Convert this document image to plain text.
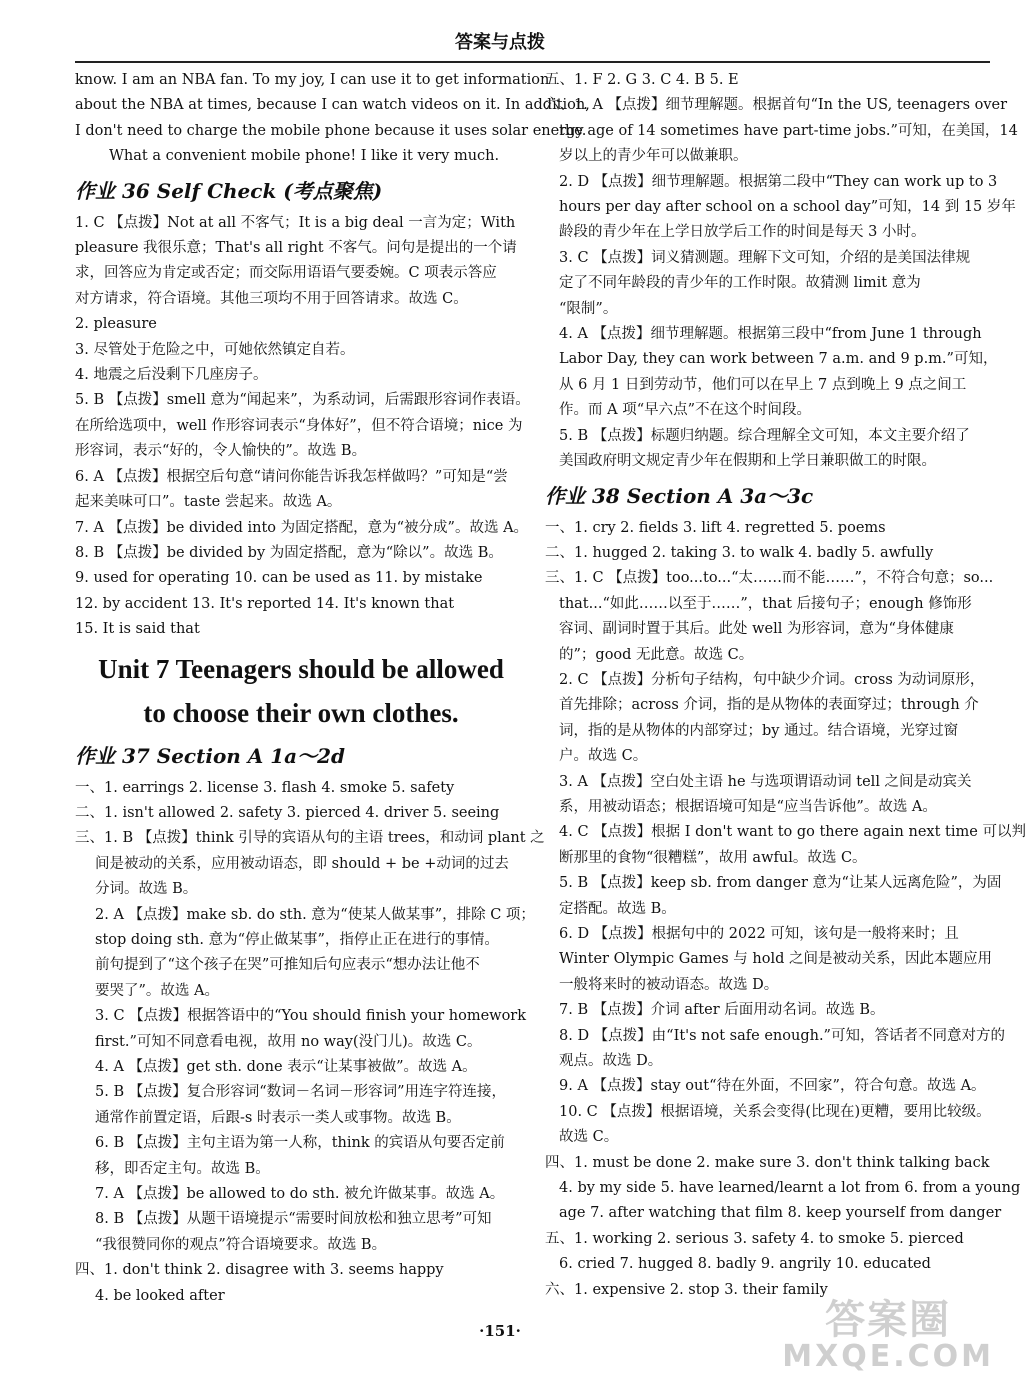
答案与点拨
know. I am an NBA fan. To my joy, I can use it to get information
about the NBA at times, because I can watch videos on it. In addition,
I don't need to charge the mobile phone because it uses solar energy.
What a convenient mobile phone! I like it very much.
作业 36 Self Check (考点聚焦)
1. C 【点拨】Not at all 不客气；It is a big deal 一言为定；With
pleasure 我很乐意；That's all right 不客气。问句是提出的一个请
求，回答应为肯定或否定；而交际用语语气要委婉。C 项表示答应
对方请求，符合语境。其他三项均不用于回答请求。故选 C。
2. pleasure
3. 尽管处于危险之中，可她依然镇定自若。
4. 地震之后没剩下几座房子。
5. B 【点拨】smell 意为“闻起来”，为系动词，后需跟形容词作表语。
在所给选项中，well 作形容词表示“身体好”，但不符合语境；nice 为
形容词，表示“好的，令人愉快的”。故选 B。
6. A 【点拨】根据空后句意“请问你能告诉我怎样做吗？”可知是“尝
起来美味可口”。taste 尝起来。故选 A。
7. A 【点拨】be divided into 为固定搭配，意为“被分成”。故选 A。
8. B 【点拨】be divided by 为固定搭配，意为“除以”。故选 B。
9. used for operating 10. can be used as 11. by mistake
12. by accident 13. It's reported 14. It's known that
15. It is said that
Unit 7 Teenagers should be allowed
to choose their own clothes.
作业 37 Section A 1a～2d
一、1. earrings 2. license 3. flash 4. smoke 5. safety
二、1. isn't allowed 2. safety 3. pierced 4. driver 5. seeing
三、1. B 【点拨】think 引导的宾语从句的主语 trees，和动词 plant 之
间是被动的关系，应用被动语态，即 should + be +动词的过去
分词。故选 B。
2. A 【点拨】make sb. do sth. 意为“使某人做某事”，排除 C 项；
stop doing sth. 意为“停止做某事”，指停止正在进行的事情。
前句提到了“这个孩子在哭”可推知后句应表示“想办法让他不
要哭了”。故选 A。
3. C 【点拨】根据答语中的“You should finish your homework
first.”可知不同意看电视，故用 no way(没门儿)。故选 C。
4. A 【点拨】get sth. done 表示“让某事被做”。故选 A。
5. B 【点拨】复合形容词“数词－名词－形容词”用连字符连接，
通常作前置定语，后跟-s 时表示一类人或事物。故选 B。
6. B 【点拨】主句主语为第一人称，think 的宾语从句要否定前
移，即否定主句。故选 B。
7. A 【点拨】be allowed to do sth. 被允许做某事。故选 A。
8. B 【点拨】从题干语境提示“需要时间放松和独立思考”可知
“我很赞同你的观点”符合语境要求。故选 B。
四、1. don't think 2. disagree with 3. seems happy
4. be looked after
五、1. F 2. G 3. C 4. B 5. E
六、1. A 【点拨】细节理解题。根据首句“In the US, teenagers over
the age of 14 sometimes have part-time jobs.”可知，在美国，14
岁以上的青少年可以做兼职。
2. D 【点拨】细节理解题。根据第二段中“They can work up to 3
hours per day after school on a school day”可知，14 到 15 岁年
龄段的青少年在上学日放学后工作的时间是每天 3 小时。
3. C 【点拨】词义猜测题。理解下文可知，介绍的是美国法律规
定了不同年龄段的青少年的工作时限。故猜测 limit 意为
“限制”。
4. A 【点拨】细节理解题。根据第三段中“from June 1 through
Labor Day, they can work between 7 a.m. and 9 p.m.”可知，
从 6 月 1 日到劳动节，他们可以在早上 7 点到晚上 9 点之间工
作。而 A 项“早六点”不在这个时间段。
5. B 【点拨】标题归纳题。综合理解全文可知，本文主要介绍了
美国政府明文规定青少年在假期和上学日兼职做工的时限。
作业 38 Section A 3a～3c
一、1. cry 2. fields 3. lift 4. regretted 5. poems
二、1. hugged 2. taking 3. to walk 4. badly 5. awfully
三、1. C 【点拨】too...to...“太……而不能……”，不符合句意；so...
that...“如此……以至于……”，that 后接句子；enough 修饰形
容词、副词时置于其后。此处 well 为形容词，意为“身体健康
的”；good 无此意。故选 C。
2. C 【点拨】分析句子结构，句中缺少介词。cross 为动词原形，
首先排除；across 介词，指的是从物体的表面穿过；through 介
词，指的是从物体的内部穿过；by 通过。结合语境，光穿过窗
户。故选 C。
3. A 【点拨】空白处主语 he 与选项谓语动词 tell 之间是动宾关
系，用被动语态；根据语境可知是“应当告诉他”。故选 A。
4. C 【点拨】根据 I don't want to go there again next time 可以判
断那里的食物“很糟糕”，故用 awful。故选 C。
5. B 【点拨】keep sb. from danger 意为“让某人远离危险”，为固
定搭配。故选 B。
6. D 【点拨】根据句中的 2022 可知，该句是一般将来时；且
Winter Olympic Games 与 hold 之间是被动关系，因此本题应用
一般将来时的被动语态。故选 D。
7. B 【点拨】介词 after 后面用动名词。故选 B。
8. D 【点拨】由“It's not safe enough.”可知，答话者不同意对方的
观点。故选 D。
9. A 【点拨】stay out“待在外面，不回家”，符合句意。故选 A。
10. C 【点拨】根据语境，关系会变得(比现在)更糟，要用比较级。
故选 C。
四、1. must be done 2. make sure 3. don't think talking back
4. by my side 5. have learned/learnt a lot from 6. from a young
age 7. after watching that film 8. keep yourself from danger
五、1. working 2. serious 3. safety 4. to smoke 5. pierced
6. cried 7. hugged 8. badly 9. angrily 10. educated
六、1. expensive 2. stop 3. their family
·151·	答案圈
MXQE.COM
